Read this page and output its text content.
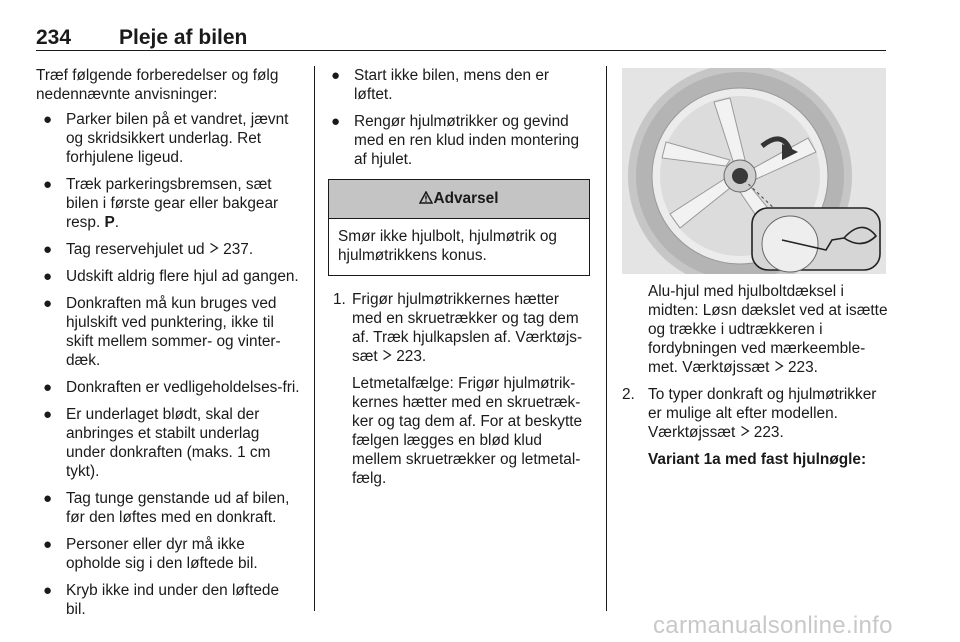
234 Pleje af bilen

Træf følgende forberedelser og følg nedennævnte anvisninger:

● Parker bilen på et vandret, jævnt og skridsikkert underlag. Ret forhjulene ligeud.
● Træk parkeringsbremsen, sæt bilen i første gear eller bakgear resp. P.
● Tag reservehjulet ud  237.
● Udskift aldrig flere hjul ad gangen.
● Donkraften må kun bruges ved hjulskift ved punktering, ikke til skift mellem sommer- og vinter-dæk.
● Donkraften er vedligeholdelses-fri.
● Er underlaget blødt, skal der anbringes et stabilt underlag under donkraften (maks. 1 cm tykt).
● Tag tunge genstande ud af bilen, før den løftes med en donkraft.
● Personer eller dyr må ikke opholde sig i den løftede bil.
● Kryb ikke ind under den løftede bil.
● Start ikke bilen, mens den er løftet.
● Rengør hjulmøtrikker og gevind med en ren klud inden montering af hjulet.
Advarsel
Smør ikke hjulbolt, hjulmøtrik og hjulmøtrikkens konus.
1. Frigør hjulmøtrikkernes hætter med en skruetrækker og tag dem af. Træk hjulkapslen af. Værktøjs-sæt  223.

Letmetalfælge: Frigør hjulmøtrik-kernes hætter med en skruetræk-ker og tag dem af. For at beskytte fælgen lægges en blød klud mellem skruetrækker og letmetal-fælg.

Alu-hjul med hjulboltdæksel i midten: Løsn dækslet ved at isætte og trække i udtrækkeren i fordybningen ved mærkeemble-met. Værktøjssæt  223.

2. To typer donkraft og hjulmøtrikker er mulige alt efter modellen. Værktøjssæt  223.

Variant 1a med fast hjulnøgle:

carmanualsonline.info
